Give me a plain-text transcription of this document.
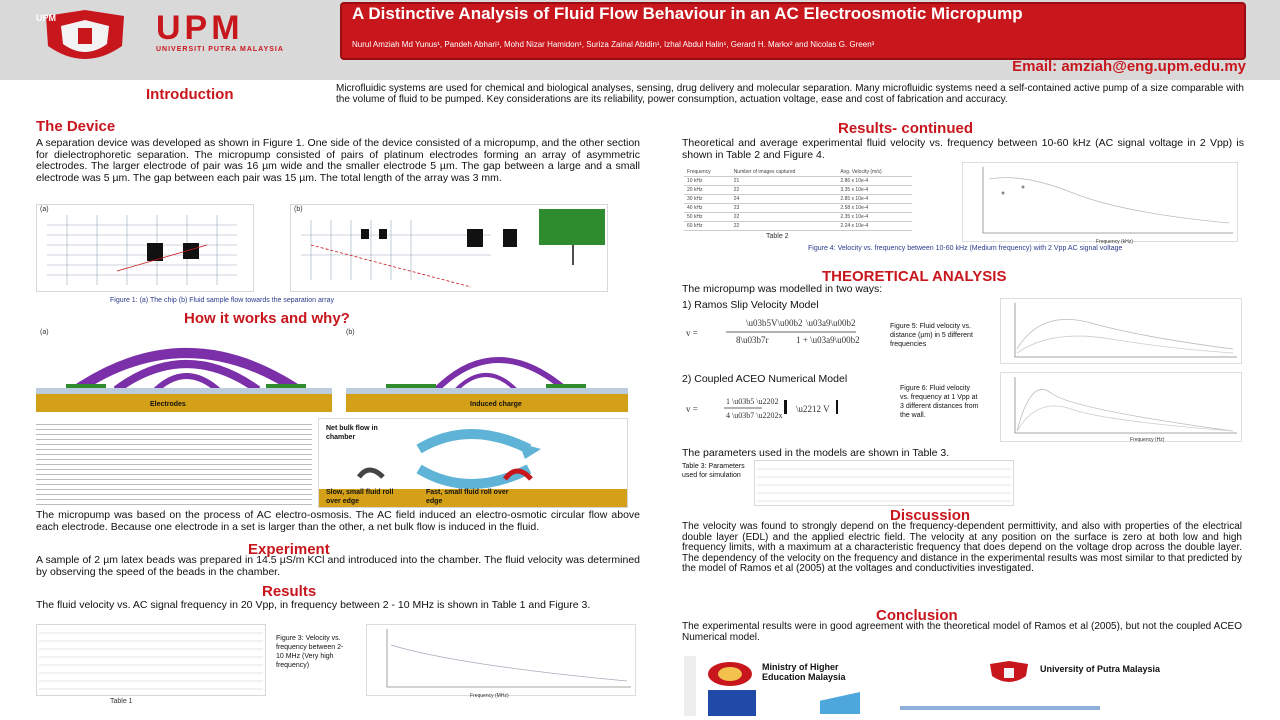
UPM	UPM
UNIVERSITI PUTRA MALAYSIA
A Distinctive Analysis of Fluid Flow Behaviour in an AC Electroosmotic Micropump
Nurul Amziah Md Yunus¹, Pandeh Abhari¹, Mohd Nizar Hamidon¹, Suriza Zainal Abidin¹, Izhal Abdul Halin¹, Gerard H. Markx² and Nicolas G. Green³
Email: amziah@eng.upm.edu.my
Introduction	Microfluidic systems are used for chemical and biological analyses, sensing, drug delivery and molecular separation. Many microfluidic systems need a self-contained active pump of a size comparable with the volume of fluid to be pumped. Key considerations are its reliability, power consumption, actuation voltage, ease and cost of fabrication and accuracy.
The Device
A separation device was developed as shown in Figure 1. One side of the device consisted of a micropump, and the other section for dielectrophoretic separation. The micropump consisted of pairs of platinum electrodes forming an array of asymmetric electrodes. The larger electrode of pair was 16 µm wide and the smaller electrode 5 µm. The gap between a large and a small electrode was 5 µm. The gap between each pair was 15 µm. The total length of the array was 3 mm.
(a)	(b)
Figure 1: (a) The chip (b) Fluid sample flow towards the separation array
How it works and why?
(a)	(b)
Electrodes	Induced charge
Net bulk flow in chamber
Slow, small fluid roll over edge
Fast, small fluid roll over edge
The micropump was based on the process of AC electro-osmosis. The AC field induced an electro-osmotic circular flow above each electrode. Because one electrode in a set is larger than the other, a net bulk flow is induced in the fluid.
Experiment
A sample of 2 µm latex beads was prepared in 14.5 µS/m KCl and introduced into the chamber. The fluid velocity was determined by observing the speed of the beads in the chamber.
Results
The fluid velocity vs. AC signal frequency in 20 Vpp, in frequency between 2 - 10 MHz is shown in Table 1 and Figure 3.
Table 1
Figure 3: Velocity vs. frequency between 2-10 MHz (Very high frequency)
Frequency (MHz)
Results- continued
Theoretical and average experimental fluid velocity vs. frequency between 10-60 kHz (AC signal voltage in 2 Vpp) is shown in Table 2 and Figure 4.
Frequency	Number of images captured	Avg. Velocity (m/s)
10 kHz	21	2.86 x 10e-4
20 kHz	22	3.35 x 10e-4
30 kHz	24	2.85 x 10e-4
40 kHz	23	2.58 x 10e-4
50 kHz	22	2.35 x 10e-4
60 kHz	22	2.24 x 10e-4
Table 2
Frequency (kHz)
Figure 4: Velocity vs. frequency between 10-60 kHz (Medium frequency) with 2 Vpp AC signal voltage
THEORETICAL ANALYSIS
The micropump was modelled in two ways:
1) Ramos Slip Velocity Model
v =
\u03b5V\u00b2 \u03a9\u00b2
8\u03b7r	1 + \u03a9\u00b2
Figure 5: Fluid velocity vs. distance (µm) in 5 different frequencies
2) Coupled ACEO Numerical Model
v =
1 \u03b5 \u2202
4 \u03b7 \u2202x
\u2212 V
Figure 6: Fluid velocity vs. frequency at 1 Vpp at 3 different distances from the wall.
Frequency (Hz)
The parameters used in the models are shown in Table 3.
Table 3: Parameters used for simulation
Discussion
The velocity was found to strongly depend on the frequency-dependent permittivity, and also with properties of the electrical double layer (EDL) and the applied electric field. The velocity at any position on the surface is zero at both low and high frequency limits, with a maximum at a characteristic frequency that does depend on the voltage drop across the double layer. The dependency of the velocity on the frequency and distance in the experimental results was most similar to that predicted by the model of Ramos et al (2005) at the voltages and conductivities investigated.
Conclusion
The experimental results were in good agreement with the theoretical model of Ramos et al (2005), but not the coupled ACEO Numerical model.
Ministry of Higher Education Malaysia
University of Putra Malaysia
